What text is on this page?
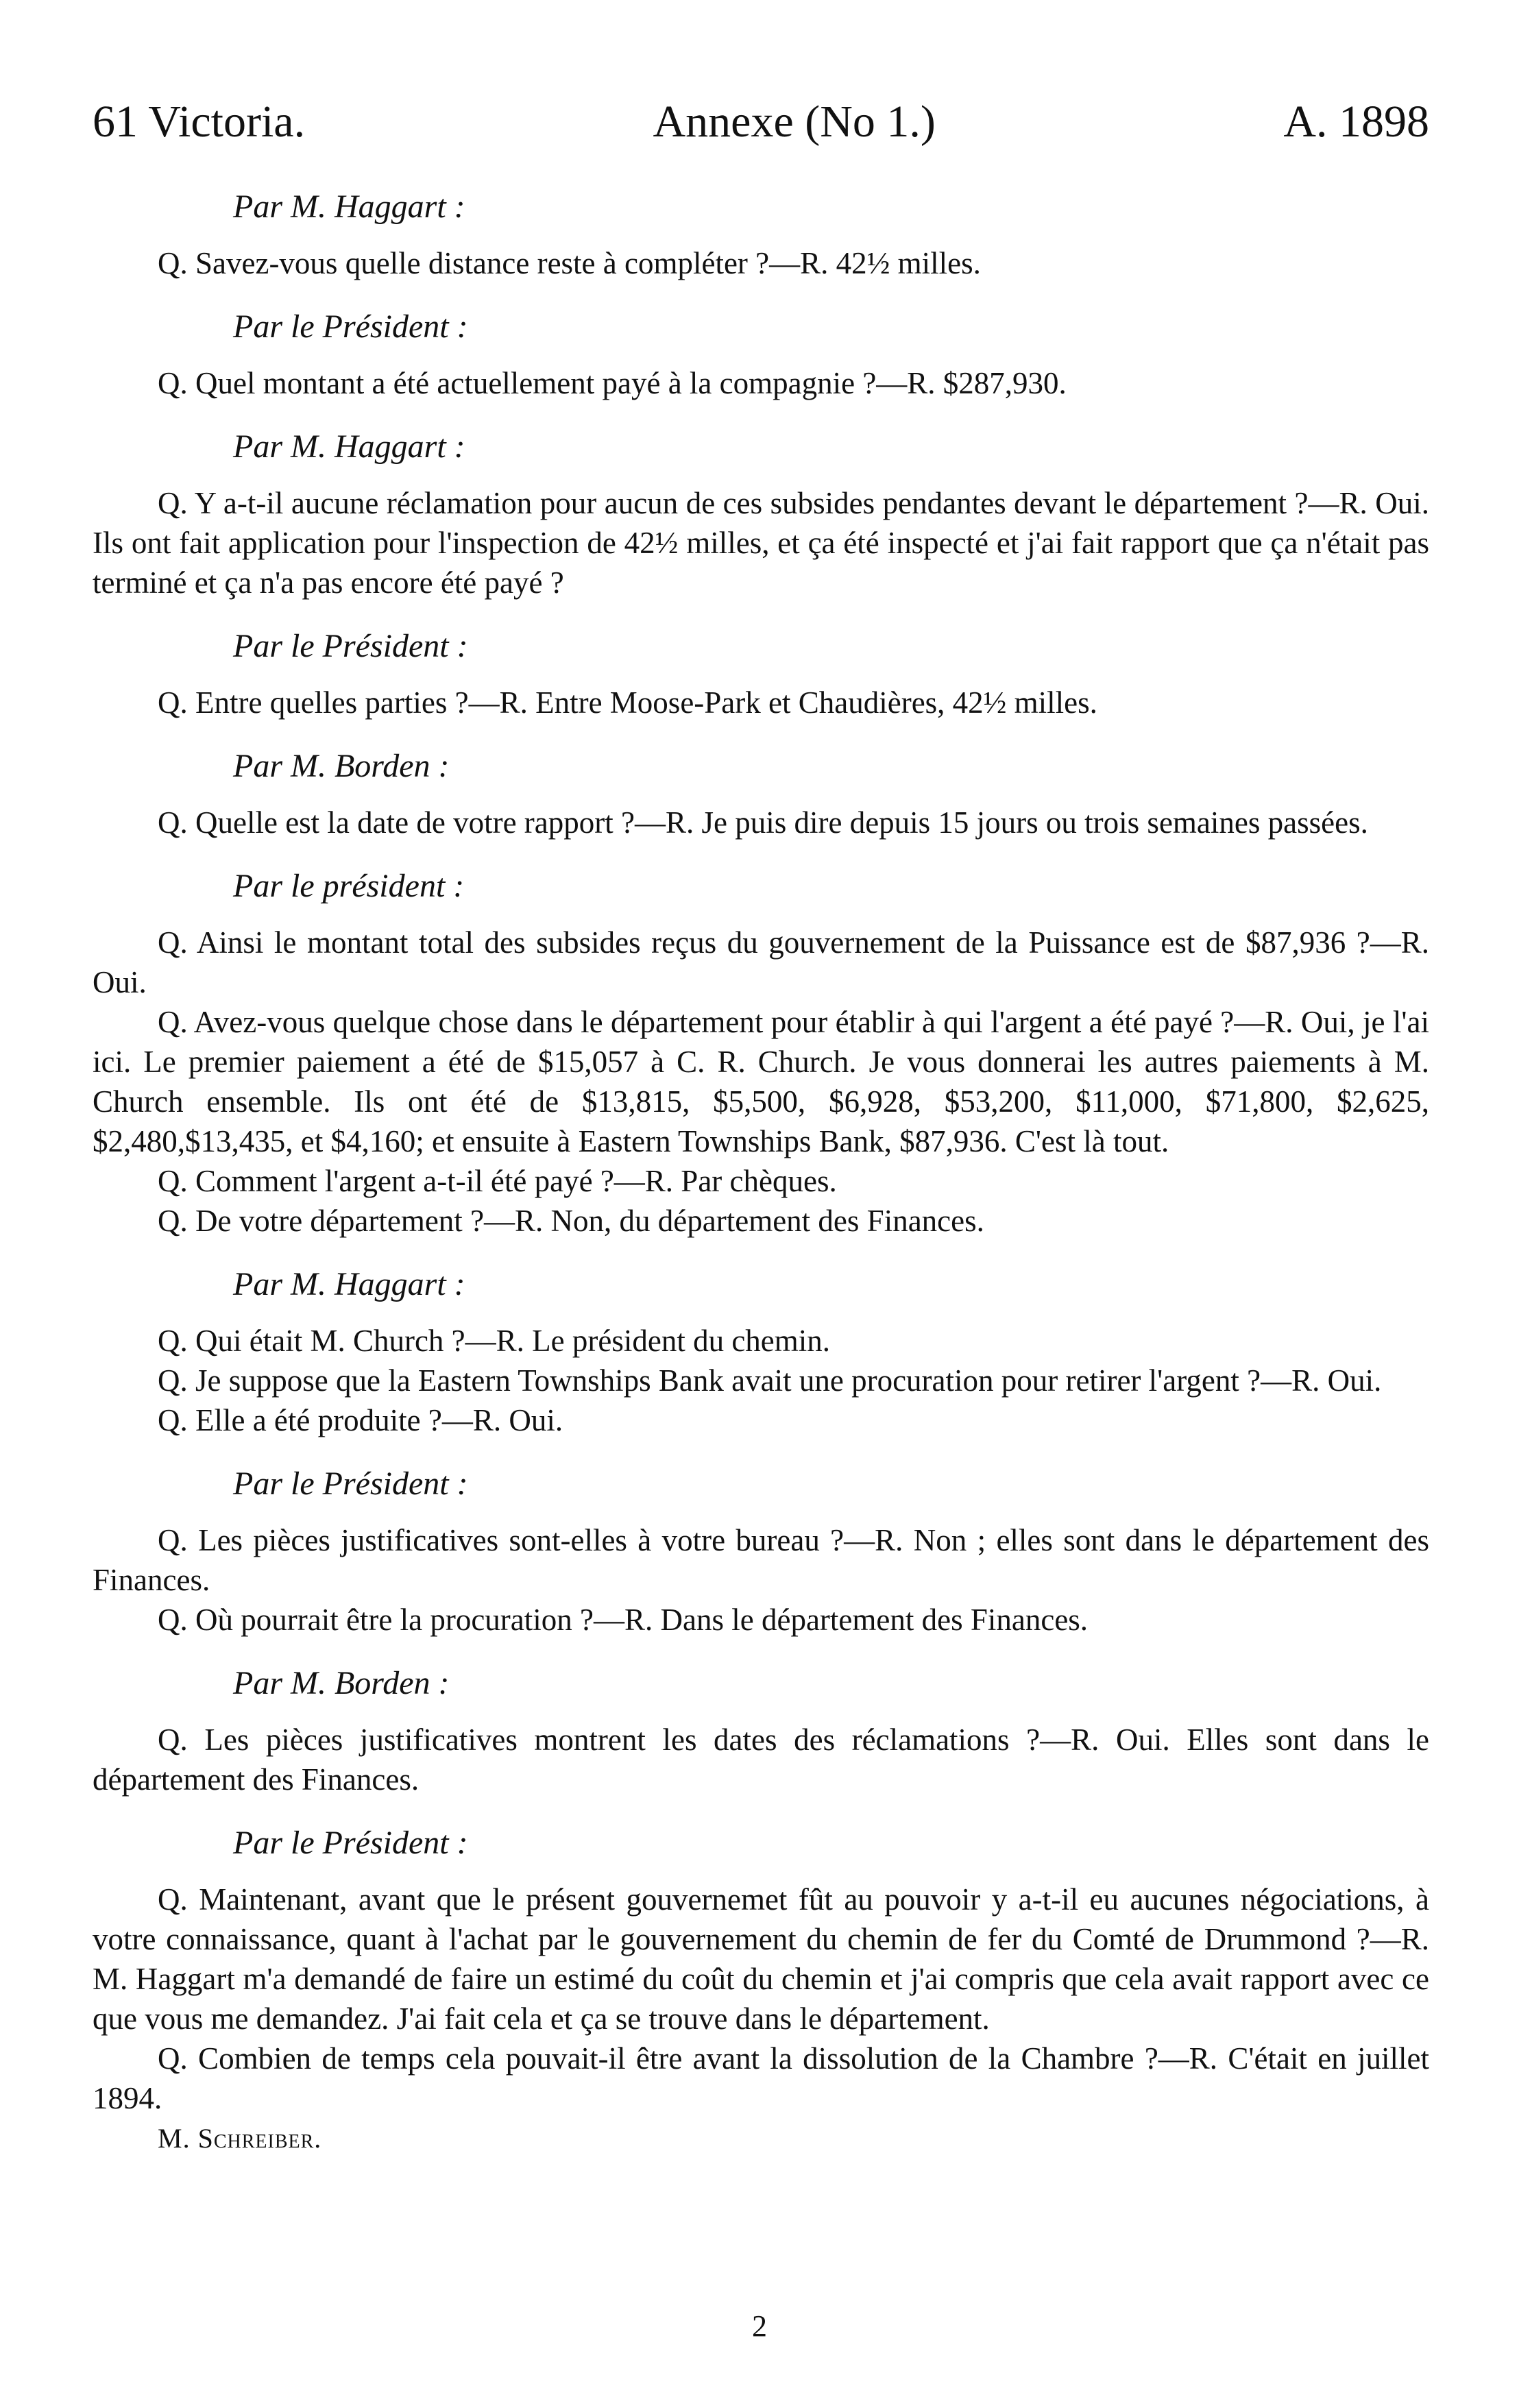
61 Victoria.	Annexe (No 1.)	A. 1898
Par M. Haggart :

Q. Savez-vous quelle distance reste à compléter ?—R. 42½ milles.

Par le Président :

Q. Quel montant a été actuellement payé à la compagnie ?—R. $287,930.

Par M. Haggart :

Q. Y a-t-il aucune réclamation pour aucun de ces subsides pendantes devant le département ?—R. Oui. Ils ont fait application pour l'inspection de 42½ milles, et ça été inspecté et j'ai fait rapport que ça n'était pas terminé et ça n'a pas encore été payé ?

Par le Président :

Q. Entre quelles parties ?—R. Entre Moose-Park et Chaudières, 42½ milles.

Par M. Borden :

Q. Quelle est la date de votre rapport ?—R. Je puis dire depuis 15 jours ou trois semaines passées.

Par le président :

Q. Ainsi le montant total des subsides reçus du gouvernement de la Puissance est de $87,936 ?—R. Oui.

Q. Avez-vous quelque chose dans le département pour établir à qui l'argent a été payé ?—R. Oui, je l'ai ici. Le premier paiement a été de $15,057 à C. R. Church. Je vous donnerai les autres paiements à M. Church ensemble. Ils ont été de $13,815, $5,500, $6,928, $53,200, $11,000, $71,800, $2,625, $2,480,$13,435, et $4,160; et ensuite à Eastern Townships Bank, $87,936. C'est là tout.

Q. Comment l'argent a-t-il été payé ?—R. Par chèques.

Q. De votre département ?—R. Non, du département des Finances.

Par M. Haggart :

Q. Qui était M. Church ?—R. Le président du chemin.

Q. Je suppose que la Eastern Townships Bank avait une procuration pour retirer l'argent ?—R. Oui.

Q. Elle a été produite ?—R. Oui.

Par le Président :

Q. Les pièces justificatives sont-elles à votre bureau ?—R. Non ; elles sont dans le département des Finances.

Q. Où pourrait être la procuration ?—R. Dans le département des Finances.

Par M. Borden :

Q. Les pièces justificatives montrent les dates des réclamations ?—R. Oui. Elles sont dans le département des Finances.

Par le Président :

Q. Maintenant, avant que le présent gouvernemet fût au pouvoir y a-t-il eu aucunes négociations, à votre connaissance, quant à l'achat par le gouvernement du chemin de fer du Comté de Drummond ?—R. M. Haggart m'a demandé de faire un estimé du coût du chemin et j'ai compris que cela avait rapport avec ce que vous me demandez. J'ai fait cela et ça se trouve dans le département.

Q. Combien de temps cela pouvait-il être avant la dissolution de la Chambre ?—R. C'était en juillet 1894.

M. Schreiber.

2
